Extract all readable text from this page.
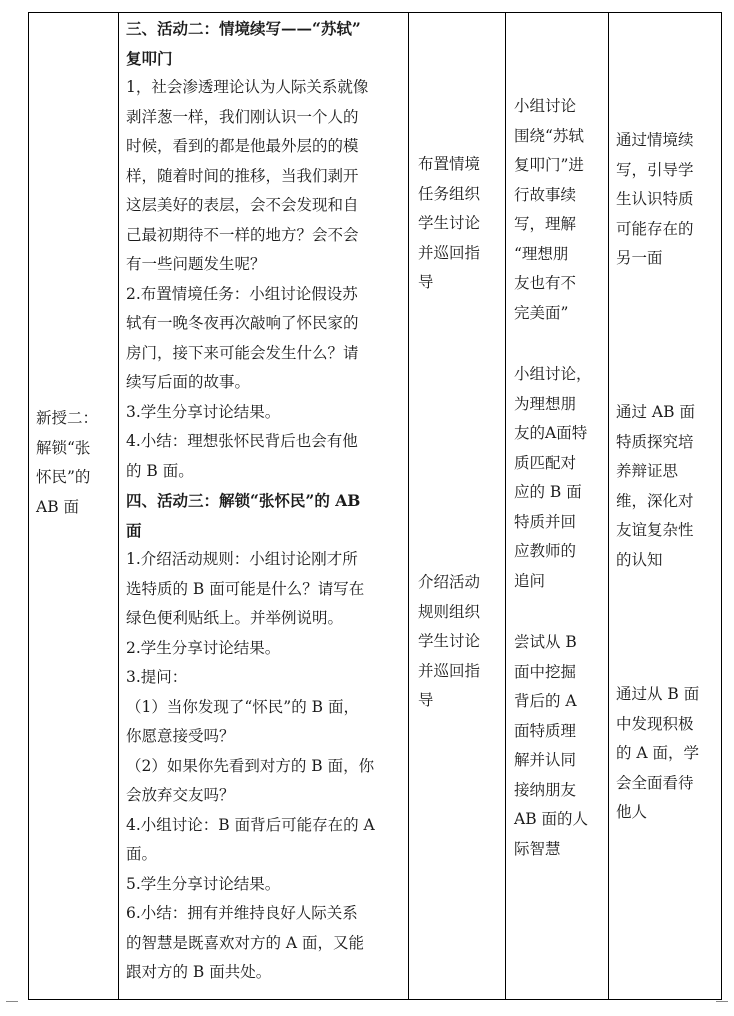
新授二：

解锁“张

怀民”的

AB 面

三、活动二：情境续写——“苏轼”

复叩门

1，社会渗透理论认为人际关系就像

剥洋葱一样，我们刚认识一个人的

时候，看到的都是他最外层的的模

样，随着时间的推移，当我们剥开

这层美好的表层，会不会发现和自

己最初期待不一样的地方？会不会

有一些问题发生呢？

2.布置情境任务：小组讨论假设苏

轼有一晚冬夜再次敲响了怀民家的

房门，接下来可能会发生什么？请

续写后面的故事。

3.学生分享讨论结果。

4.小结：理想张怀民背后也会有他

的 B 面。

四、活动三：解锁“张怀民”的 AB

面

1.介绍活动规则：小组讨论刚才所

选特质的 B 面可能是什么？请写在

绿色便利贴纸上。并举例说明。

2.学生分享讨论结果。

3.提问：

（1）当你发现了“怀民”的 B 面，

你愿意接受吗？

（2）如果你先看到对方的 B 面，你

会放弃交友吗？

4.小组讨论：B 面背后可能存在的 A

面。

5.学生分享讨论结果。

6.小结：拥有并维持良好人际关系

的智慧是既喜欢对方的 A 面，又能

跟对方的 B 面共处。

布置情境

任务组织

学生讨论

并巡回指

导

介绍活动

规则组织

学生讨论

并巡回指

导

小组讨论

围绕“苏轼

复叩门”进

行故事续

写，理解

“理想朋

友也有不

完美面”

小组讨论，

为理想朋

友的A面特

质匹配对

应的 B 面

特质并回

应教师的

追问

尝试从 B

面中挖掘

背后的 A

面特质理

解并认同

接纳朋友

AB 面的人

际智慧

通过情境续

写，引导学

生认识特质

可能存在的

另一面

通过 AB 面

特质探究培

养辩证思

维，深化对

友谊复杂性

的认知

通过从 B 面

中发现积极

的 A 面，学

会全面看待

他人
